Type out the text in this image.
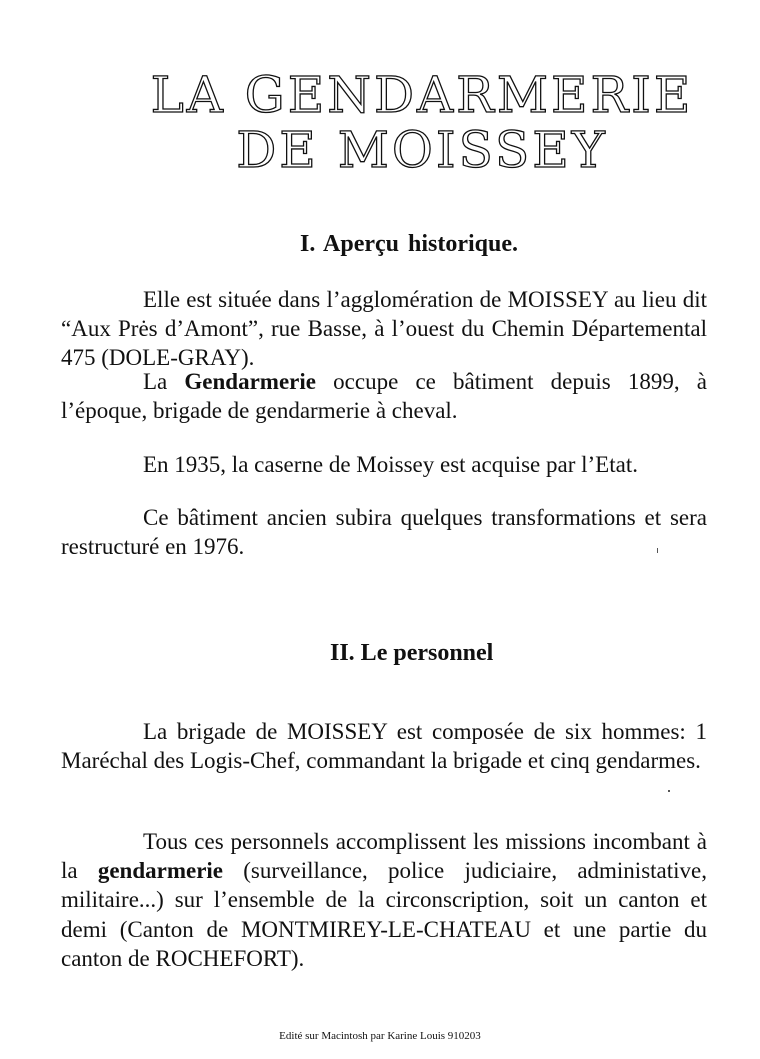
LA GENDARMERIE
DE MOISSEY
I. Aperçu historique.

Elle est située dans l’agglomération de MOISSEY au lieu dit “Aux Prės d’Amont”, rue Basse, à l’ouest du Chemin Départemental 475 (DOLE-GRAY).

La Gendarmerie occupe ce bâtiment depuis 1899, à l’époque, brigade de gendarmerie à cheval.

En 1935, la caserne de Moissey est acquise par l’Etat.

Ce bâtiment ancien subira quelques transformations et sera restructuré en 1976.

II. Le personnel

La brigade de MOISSEY est composée de six hommes: 1 Maréchal des Logis-Chef, commandant la brigade et cinq gendarmes.

Tous ces personnels accomplissent les missions incombant à la gendarmerie (surveillance, police judiciaire, administative, militaire...) sur l’ensemble de la circonscription, soit un canton et demi (Canton de MONTMIREY-LE-CHATEAU et une partie du canton de ROCHEFORT).

Edité sur Macintosh par Karine Louis 910203
